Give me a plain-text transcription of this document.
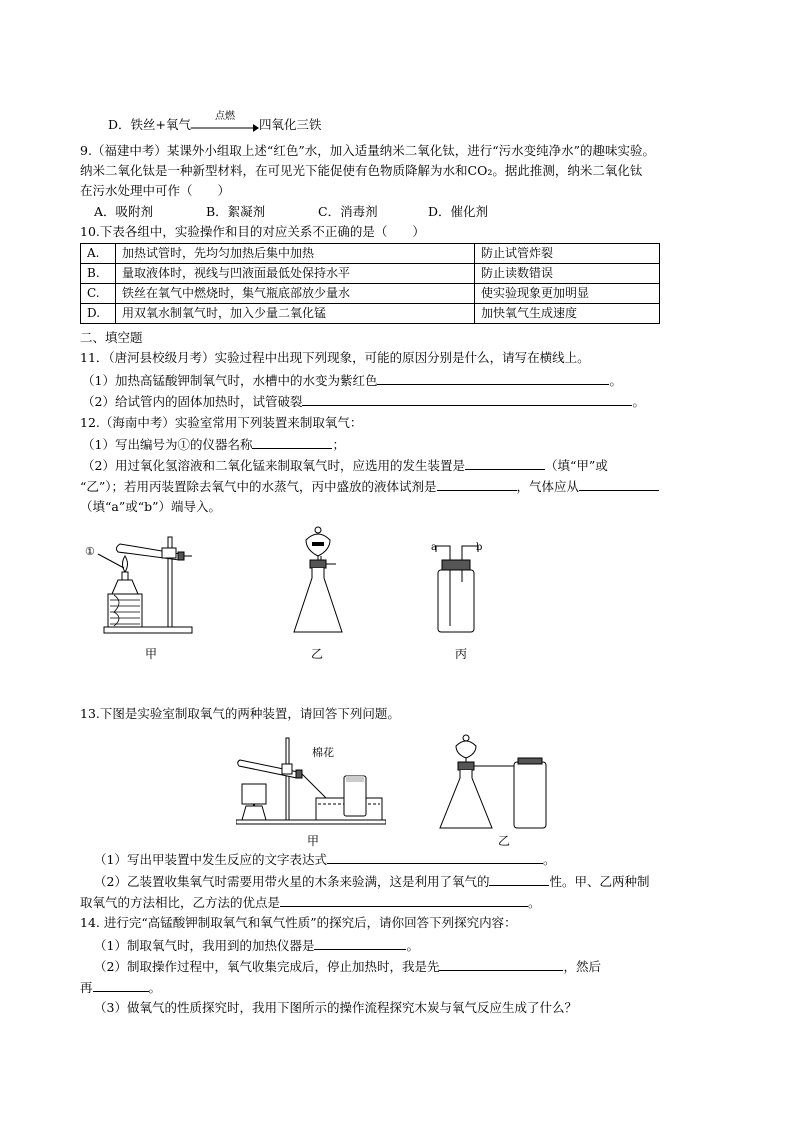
D．铁丝+氧气
点燃
四氧化三铁
9.（福建中考）某课外小组取上述“红色”水，加入适量纳米二氧化钛，进行“污水变纯净水”的趣味实验。
纳米二氧化钛是一种新型材料，在可见光下能促使有色物质降解为水和CO₂。据此推测，纳米二氧化钛
在污水处理中可作（　　）
A．吸附剂	B．絮凝剂	C．消毒剂	D．催化剂
10.下表各组中，实验操作和目的对应关系不正确的是（　　）
A.	加热试管时，先均匀加热后集中加热	防止试管炸裂
B.	量取液体时，视线与凹液面最低处保持水平	防止读数错误
C.	铁丝在氧气中燃烧时，集气瓶底部放少量水	使实验现象更加明显
D.	用双氧水制氧气时，加入少量二氧化锰	加快氧气生成速度
二、填空题
11．（唐河县校级月考）实验过程中出现下列现象，可能的原因分别是什么，请写在横线上。
（1）加热高锰酸钾制氧气时，水槽中的水变为紫红色	。
（2）给试管内的固体加热时，试管破裂	。
12.（海南中考）实验室常用下列装置来制取氧气：
（1）写出编号为①的仪器名称	；
（2）用过氧化氢溶液和二氧化锰来制取氧气时，应选用的发生装置是	（填“甲”或
“乙”）；若用丙装置除去氧气中的水蒸气，丙中盛放的液体试剂是	，气体应从
（填“a”或“b”）端导入。
①
甲	乙
a	b
丙
13.下图是实验室制取氧气的两种装置，请回答下列问题。
棉花
甲	乙
（1）写出甲装置中发生反应的文字表达式	。
（2）乙装置收集氧气时需要用带火星的木条来验满，这是利用了氧气的	性。甲、乙两种制
取氧气的方法相比，乙方法的优点是	。
14. 进行完“高锰酸钾制取氧气和氧气性质”的探究后，请你回答下列探究内容：
（1）制取氧气时，我用到的加热仪器是	。
（2）制取操作过程中，氧气收集完成后，停止加热时，我是先	，然后
再	。
（3）做氧气的性质探究时，我用下图所示的操作流程探究木炭与氧气反应生成了什么？
